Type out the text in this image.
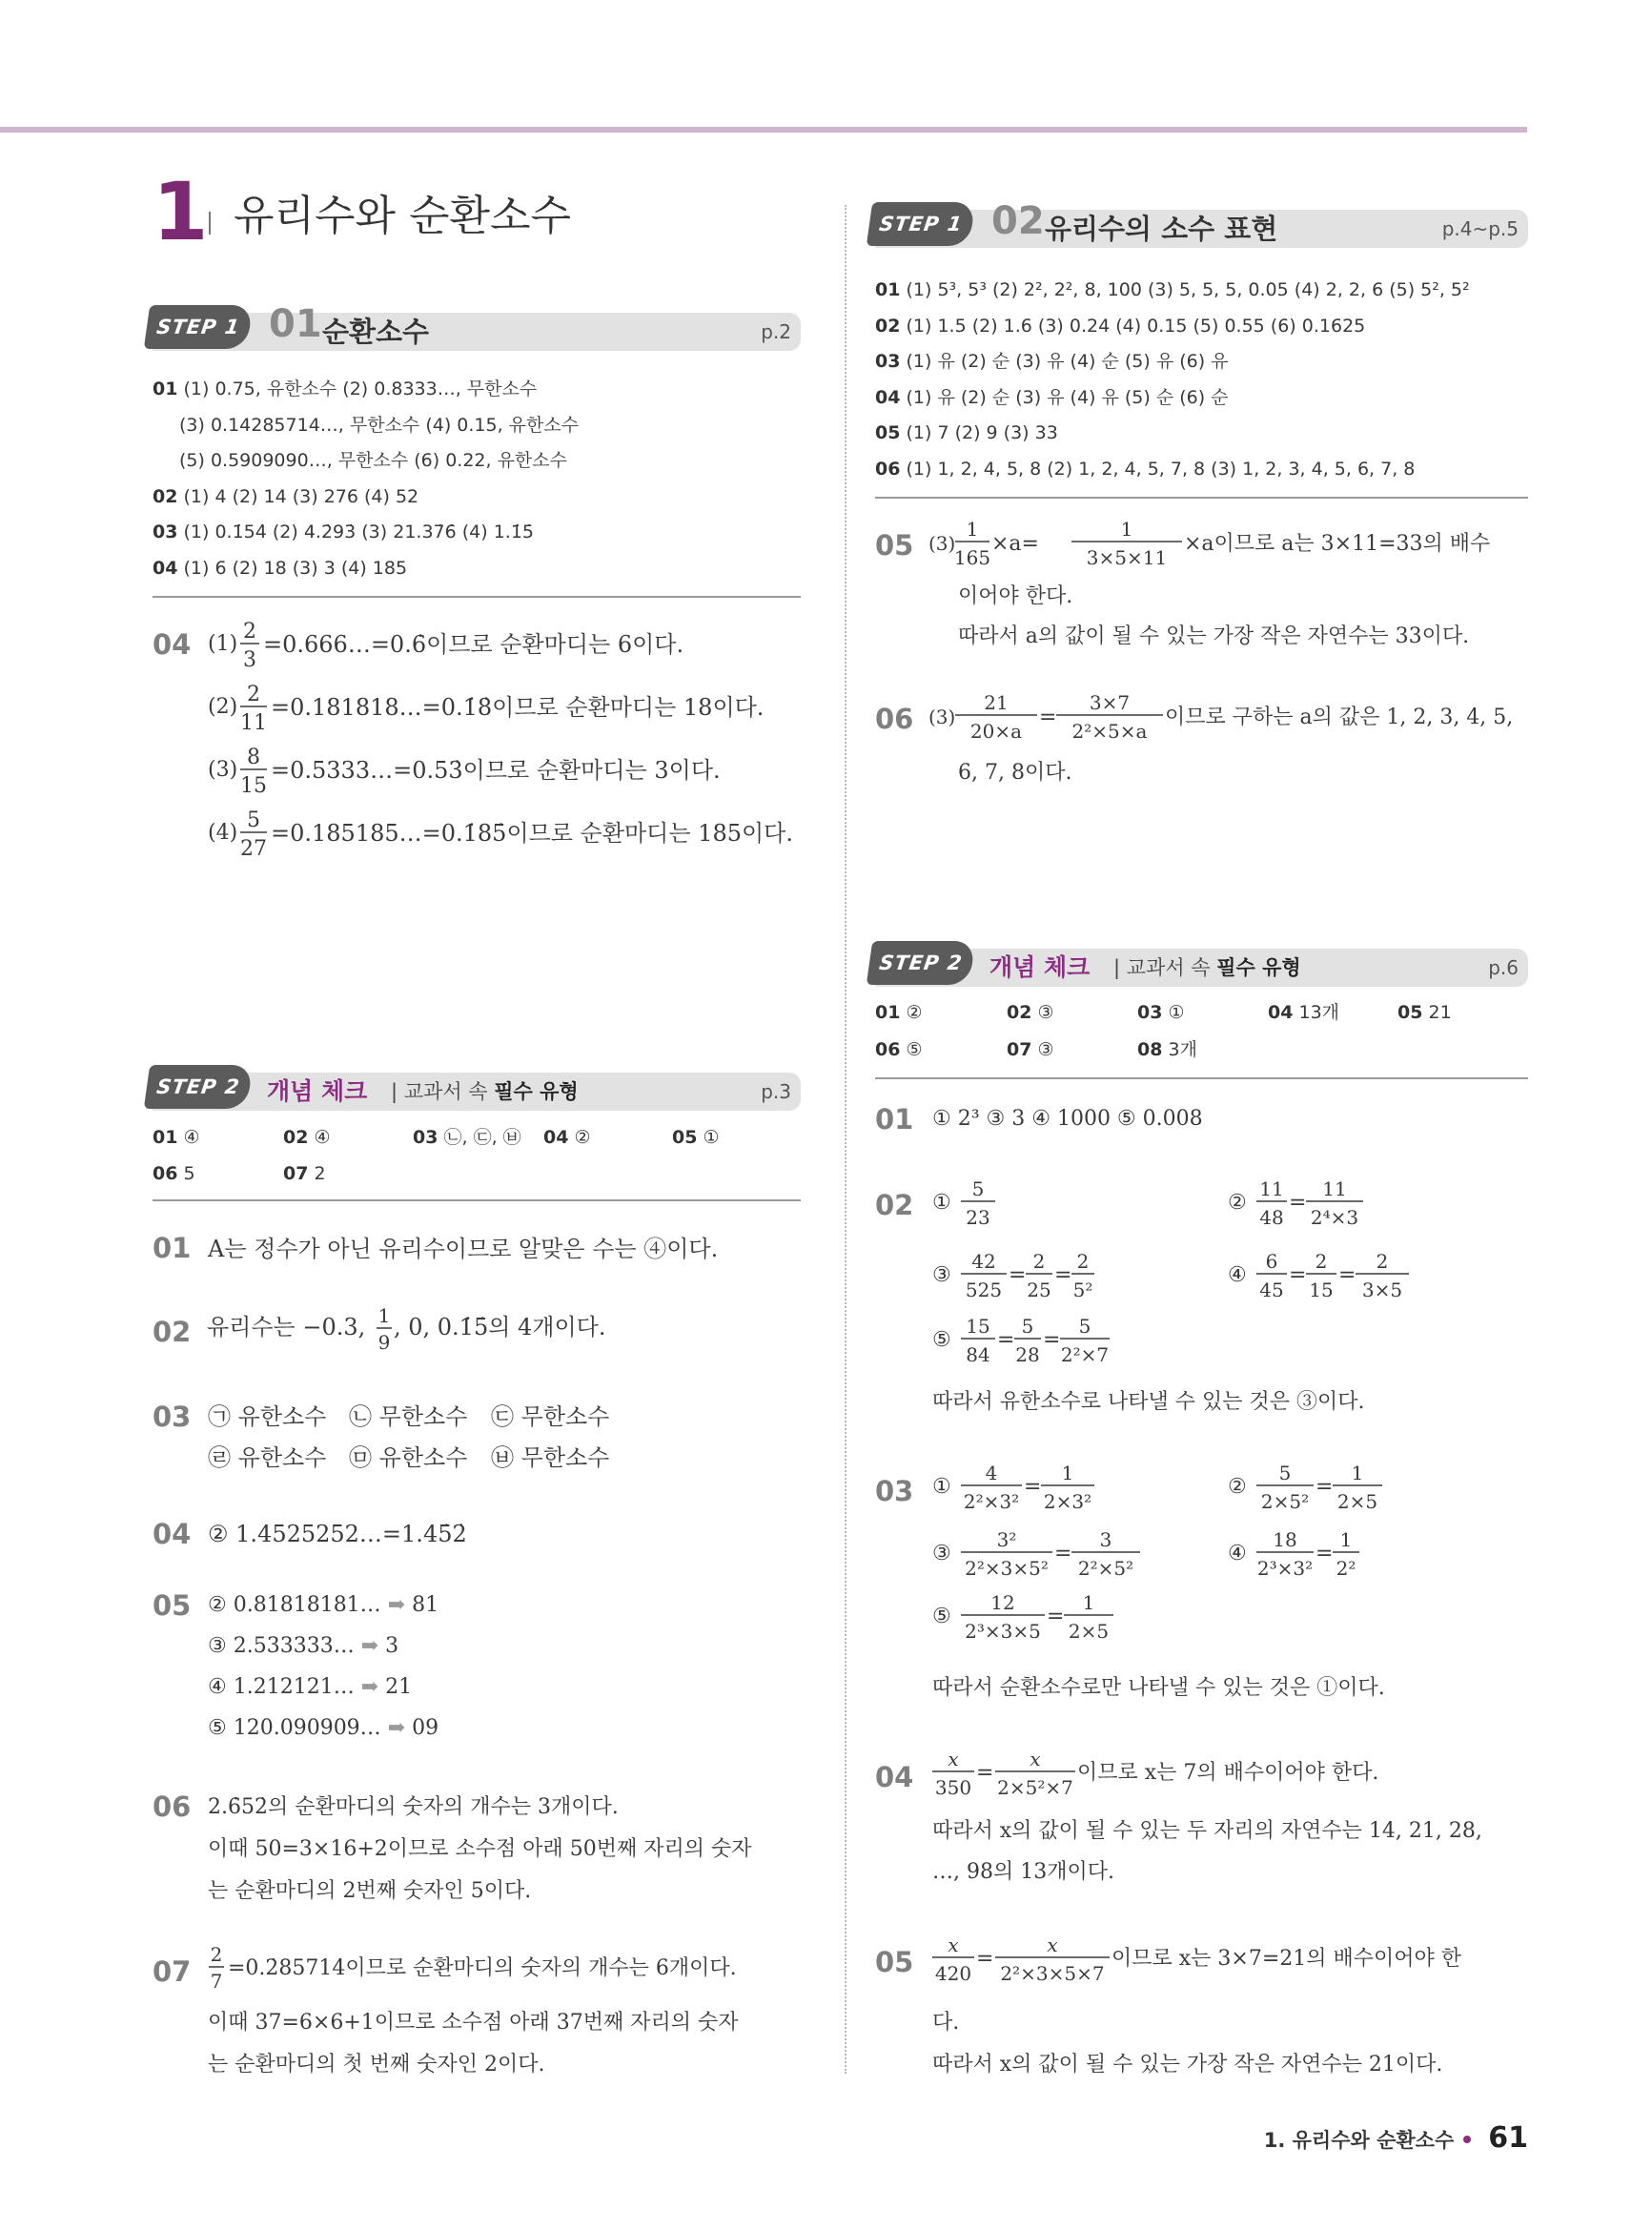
1 유리수와 순환소수
STEP 1 01 순환소수	p.2
01 (1) 0.75, 유한소수 (2) 0.8333…, 무한소수
(3) 0.14285714…, 무한소수 (4) 0.15, 유한소수
(5) 0.5909090…, 무한소수 (6) 0.22, 유한소수
02 (1) 4 (2) 14 (3) 276 (4) 52
03 (1) 0.1̇54̇ (2) 4.2̇93̇ (3) 21.37̇6̇ (4) 1.1̇5̇
04 (1) 6 (2) 18 (3) 3 (4) 185
04 (1)
2
3
=0.666…=0.6̇이므로 순환마디는 6이다.
(2)
2
11
=0.181818…=0.1̇8̇이므로 순환마디는 18이다.
(3)
8
15
=0.5333…=0.53̇이므로 순환마디는 3이다.
(4)
5
27
=0.185185…=0.1̇85̇이므로 순환마디는 185이다.
STEP 2	개념 체크 | 교과서 속 필수 유형	p.3
01 ④	02 ④	03 ㉡, ㉢, ㉥ 04 ②	05 ①
06 5	07 2
01 A는 정수가 아닌 유리수이므로 알맞은 수는 ④이다.
02 유리수는 −0.3, 1
9
, 0, 0.1̇5̇의 4개이다.
03 ㉠ 유한소수 ㉡ 무한소수 ㉢ 무한소수
㉣ 유한소수 ㉤ 유한소수 ㉥ 무한소수
04 ② 1.4525252…=1.45̇2̇
05 ② 0.81818181… ➡ 81
③ 2.533333… ➡ 3
④ 1.212121… ➡ 21
⑤ 120.090909… ➡ 09
06 2.6̇52̇의 순환마디의 숫자의 개수는 3개이다.
이때 50=3×16+2이므로 소수점 아래 50번째 자리의 숫자
는 순환마디의 2번째 숫자인 5이다.
07
2
7
=0.2̇85714̇이므로 순환마디의 숫자의 개수는 6개이다.
이때 37=6×6+1이므로 소수점 아래 37번째 자리의 숫자
는 순환마디의 첫 번째 숫자인 2이다.
STEP 1 02 유리수의 소수 표현	p.4~p.5
01 (1) 5³, 5³ (2) 2², 2², 8, 100 (3) 5, 5, 5, 0.05 (4) 2, 2, 6 (5) 5², 5²
02 (1) 1.5 (2) 1.6 (3) 0.24 (4) 0.15 (5) 0.55 (6) 0.1625
03 (1) 유 (2) 순 (3) 유 (4) 순 (5) 유 (6) 유
04 (1) 유 (2) 순 (3) 유 (4) 유 (5) 순 (6) 순
05 (1) 7 (2) 9 (3) 33
06 (1) 1, 2, 4, 5, 8 (2) 1, 2, 4, 5, 7, 8 (3) 1, 2, 3, 4, 5, 6, 7, 8
05 (3)
1
165
×a=
1
3×5×11
×a이므로 a는 3×11=33의 배수
이어야 한다.
따라서 a의 값이 될 수 있는 가장 작은 자연수는 33이다.
06 (3)
21
20×a
=
3×7
2²×5×a
이므로 구하는 a의 값은 1, 2, 3, 4, 5,
6, 7, 8이다.
STEP 2	개념 체크 | 교과서 속 필수 유형	p.6
01 ②	02 ③	03 ①	04 13개	05 21
06 ⑤	07 ③	08 3개
01 ① 2³ ③ 3 ④ 1000 ⑤ 0.008
02 ①
5
23
②
11
48
=
11
2⁴×3
③
42
525
=
2
25
=
2
5²
④
6
45
=
2
15
=
2
3×5
⑤
15
84
=
5
28
=
5
2²×7
따라서 유한소수로 나타낼 수 있는 것은 ③이다.
03 ①
4
2²×3²
=
1
2×3²
②
5
2×5²
=
1
2×5
③
3²
2²×3×5²
=
3
2²×5²
④
18
2³×3²
=
1
2²
⑤
12
2³×3×5
=
1
2×5
따라서 순환소수로만 나타낼 수 있는 것은 ①이다.
04
x
350
=
x
2×5²×7
이므로 x는 7의 배수이어야 한다.
따라서 x의 값이 될 수 있는 두 자리의 자연수는 14, 21, 28,
…, 98의 13개이다.
05
x
420
=
x
2²×3×5×7
이므로 x는 3×7=21의 배수이어야 한
다.
따라서 x의 값이 될 수 있는 가장 작은 자연수는 21이다.
1. 유리수와 순환소수 61
